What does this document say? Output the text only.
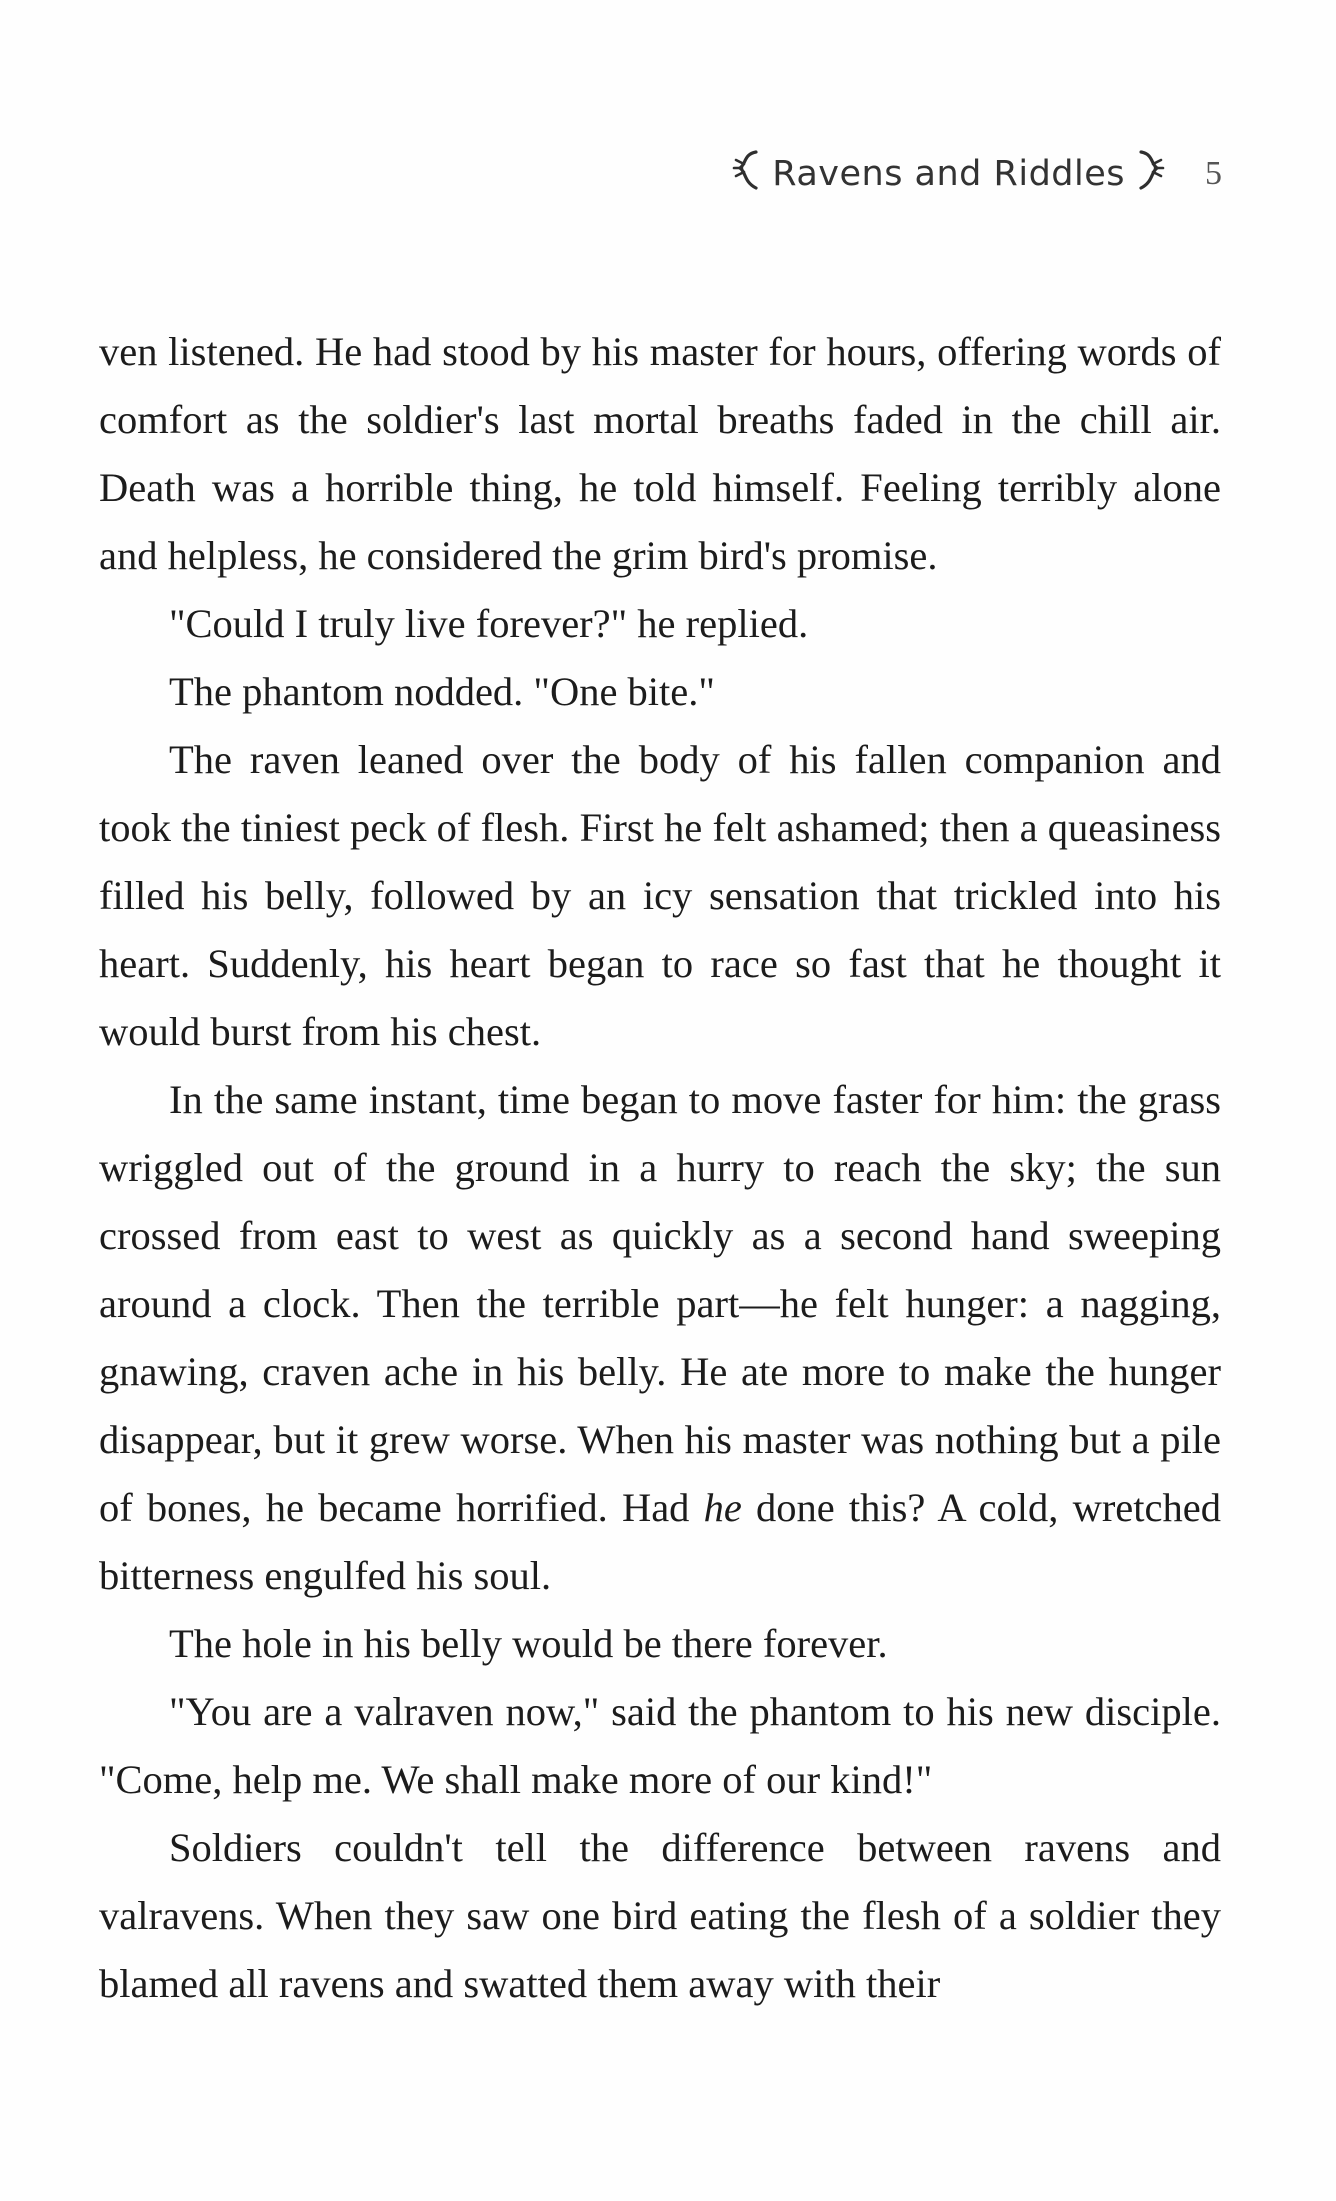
Ravens and Riddles 5

ven listened. He had stood by his master for hours, offering words of comfort as the soldier's last mortal breaths faded in the chill air. Death was a horrible thing, he told himself. Feeling terribly alone and helpless, he considered the grim bird's promise.

"Could I truly live forever?" he replied.

The phantom nodded. "One bite."

The raven leaned over the body of his fallen companion and took the tiniest peck of flesh. First he felt ashamed; then a queasiness filled his belly, followed by an icy sensation that trickled into his heart. Suddenly, his heart began to race so fast that he thought it would burst from his chest.

In the same instant, time began to move faster for him: the grass wriggled out of the ground in a hurry to reach the sky; the sun crossed from east to west as quickly as a second hand sweeping around a clock. Then the terrible part—he felt hunger: a nagging, gnawing, craven ache in his belly. He ate more to make the hunger disappear, but it grew worse. When his master was nothing but a pile of bones, he became horrified. Had he done this? A cold, wretched bitterness engulfed his soul.

The hole in his belly would be there forever.

"You are a valraven now," said the phantom to his new disciple. "Come, help me. We shall make more of our kind!"

Soldiers couldn't tell the difference between ravens and valravens. When they saw one bird eating the flesh of a soldier they blamed all ravens and swatted them away with their
